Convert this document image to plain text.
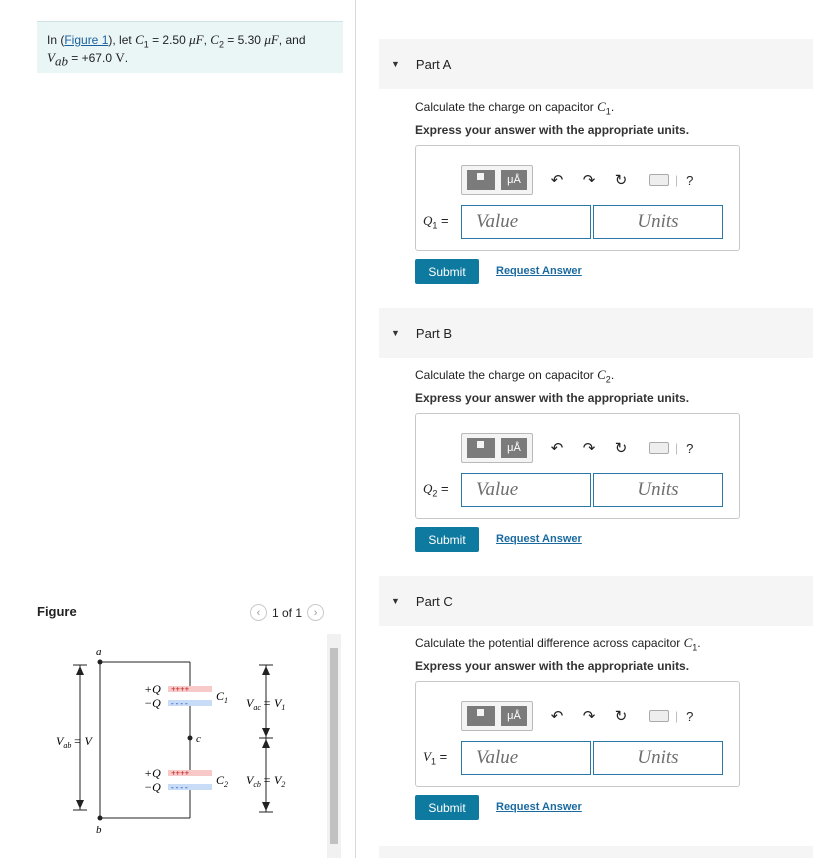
In (Figure 1), let $C_1 = 2.50$ μF, $C_2 = 5.30$ μF, and
$V_{ab} = +67.0$ V.
Figure	‹ 1 of 1	›
$V_{ab} = V$
a
b
c
++++
- - - -
+Q
−Q	$C_1$
++++
- - - -
+Q
−Q	$C_2$
$V_{ac} = V_1$
$V_{cb} = V_2$
▼ Part A
Calculate the charge on capacitor $C_1$.
Express your answer with the appropriate units.
μÅ	↶ ↷ ↻	| ?
$Q_1$ =	Value	Units
Submit	Request Answer
▼ Part B
Calculate the charge on capacitor $C_2$.
Express your answer with the appropriate units.
μÅ	↶ ↷ ↻	| ?
$Q_2$ =	Value	Units
Submit	Request Answer
▼ Part C
Calculate the potential difference across capacitor $C_1$.
Express your answer with the appropriate units.
μÅ	↶ ↷ ↻	| ?
$V_1$ =	Value	Units
Submit	Request Answer
